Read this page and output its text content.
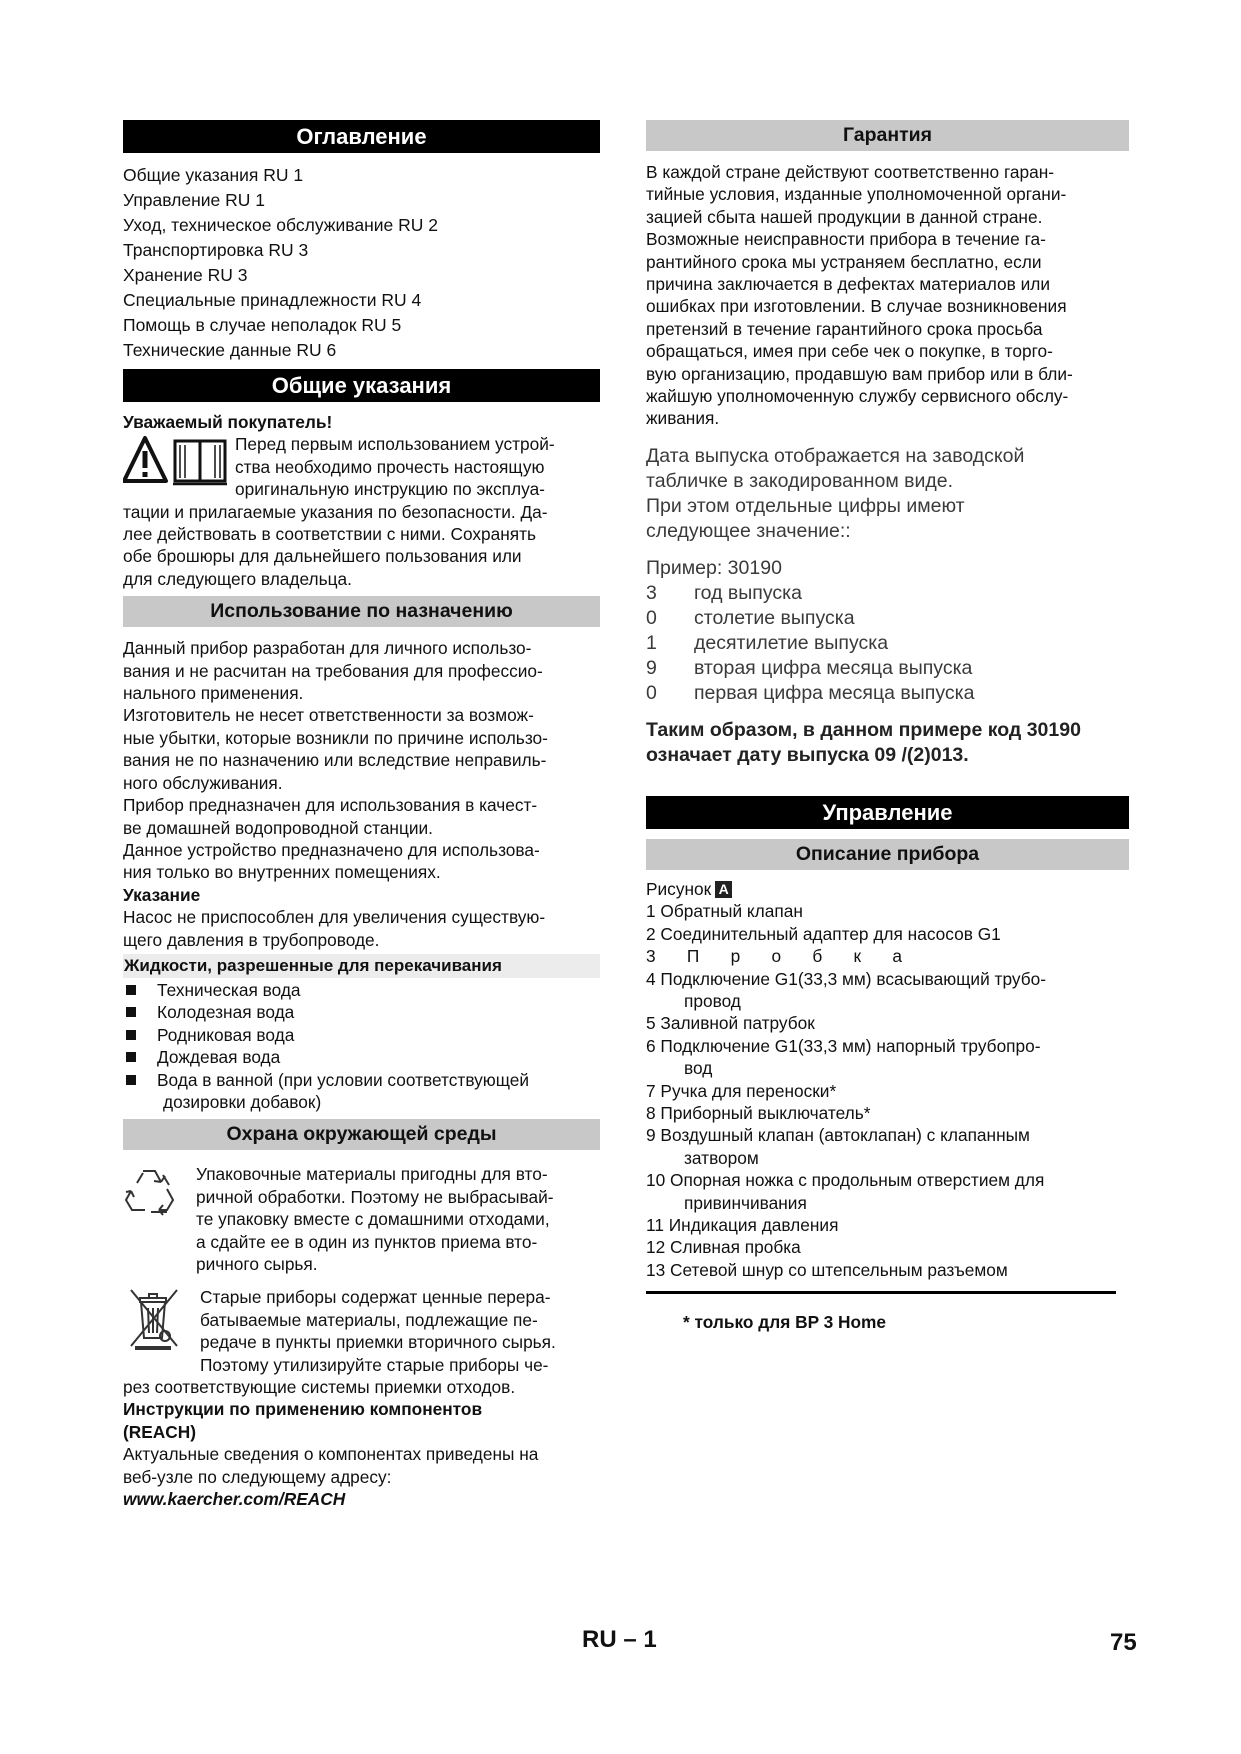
Оглавление

Общие указания RU 1

Управление RU 1

Уход, техническое обслуживание RU 2

Транспортировка RU 3

Хранение RU 3

Специальные принадлежности RU 4

Помощь в случае неполадок RU 5

Технические данные RU 6

Общие указания

Уважаемый покупатель!

Перед первым использованием устрой-

ства необходимо прочесть настоящую

оригинальную инструкцию по эксплуа-

тации и прилагаемые указания по безопасности. Да-

лее действовать в соответствии с ними. Сохранять

обе брошюры для дальнейшего пользования или

для следующего владельца.

Использование по назначению

Данный прибор разработан для личного использо-

вания и не расчитан на требования для профессио-

нального применения.

Изготовитель не несет ответственности за возмож-

ные убытки, которые возникли по причине использо-

вания не по назначению или вследствие неправиль-

ного обслуживания.

Прибор предназначен для использования в качест-

ве домашней водопроводной станции.

Данное устройство предназначено для использова-

ния только во внутренних помещениях.

Указание

Насос не приспособлен для увеличения существую-

щего давления в трубопроводе.

Жидкости, разрешенные для перекачивания
Техническая вода
Колодезная вода
Родниковая вода
Дождевая вода
Вода в ванной (при условии соответствующей
дозировки добавок)
Охрана окружающей среды

Упаковочные материалы пригодны для вто-

ричной обработки. Поэтому не выбрасывай-

те упаковку вместе с домашними отходами,

а сдайте ее в один из пунктов приема вто-

ричного сырья.

Старые приборы содержат ценные перера-

батываемые материалы, подлежащие пе-

редаче в пункты приемки вторичного сырья.

Поэтому утилизируйте старые приборы че-

рез соответствующие системы приемки отходов.

Инструкции по применению компонентов

(REACH)

Актуальные сведения о компонентах приведены на

веб-узле по следующему адресу:

www.kaercher.com/REACH

Гарантия

В каждой стране действуют соответственно гаран-

тийные условия, изданные уполномоченной органи-

зацией сбыта нашей продукции в данной стране.

Возможные неисправности прибора в течение га-

рантийного срока мы устраняем бесплатно, если

причина заключается в дефектах материалов или

ошибках при изготовлении. В случае возникновения

претензий в течение гарантийного срока просьба

обращаться, имея при себе чек о покупке, в торго-

вую организацию, продавшую вам прибор или в бли-

жайшую уполномоченную службу сервисного обслу-

живания.

Дата выпуска отображается на заводской

табличке в закодированном виде.

При этом отдельные цифры имеют

следующее значение::

Пример: 30190

3	год выпуска
0	столетие выпуска
1	десятилетие выпуска
9	вторая цифра месяца выпуска
0	первая цифра месяца выпуска

Таким образом, в данном примере код 30190

означает дату выпуска 09 /(2)013.

Управление
Описание прибора

Рисунок A

1 Обратный клапан

2 Соединительный адаптер для насосов G1

3 П р о б к а

4 Подключение G1(33,3 мм) всасывающий трубо-

провод

5 Заливной патрубок

6 Подключение G1(33,3 мм) напорный трубопро-

вод

7 Ручка для переноски*

8 Приборный выключатель*

9 Воздушный клапан (автоклапан) с клапанным

затвором

10 Опорная ножка с продольным отверстием для

привинчивания

11 Индикация давления

12 Сливная пробка

13 Сетевой шнур со штепсельным разъемом

* только для BP 3 Home

RU – 1	75
